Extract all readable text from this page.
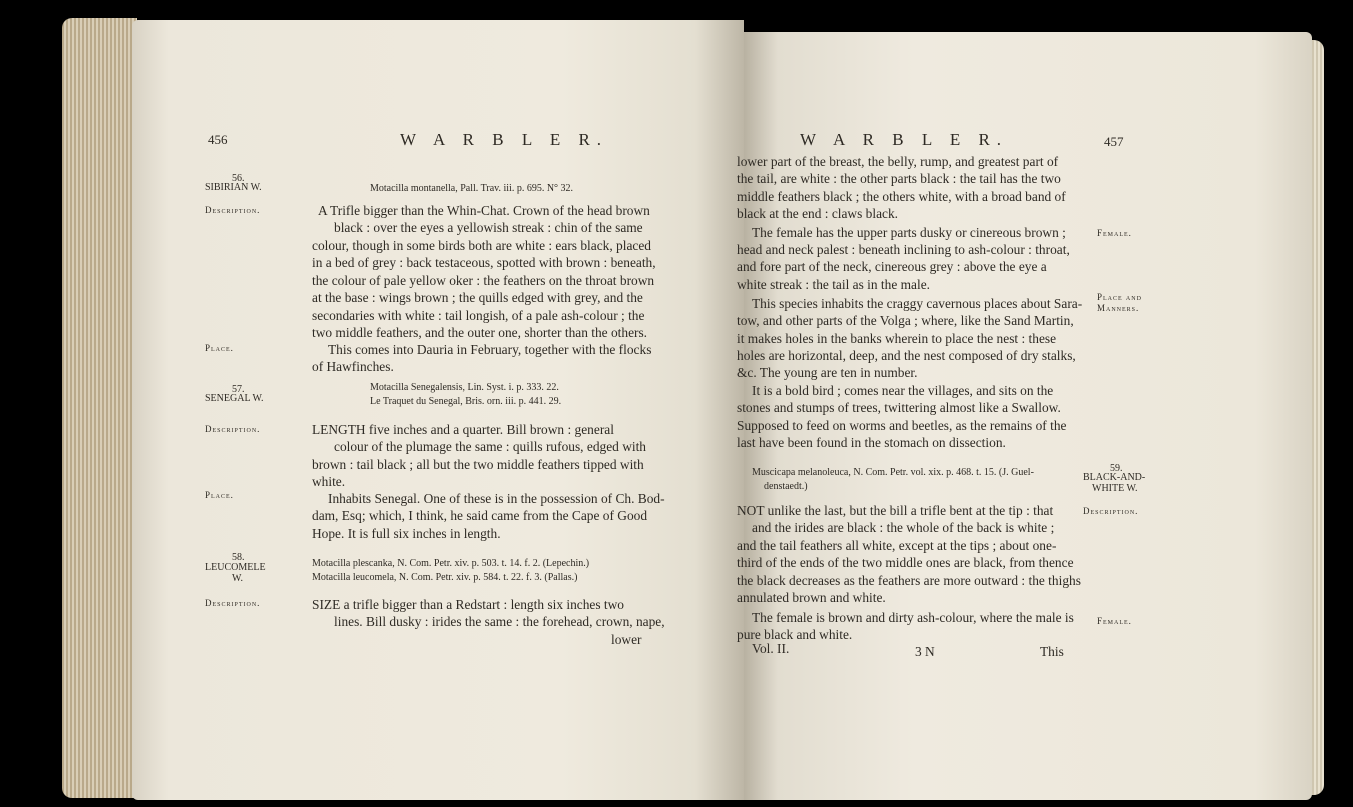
456	W A R B L E R.
56.
SIBIRIAN W.	Motacilla montanella, Pall. Trav. iii. p. 695. N° 32.
Description.	A Trifle bigger than the Whin-Chat. Crown of the head brown
black : over the eyes a yellowish streak : chin of the same
colour, though in some birds both are white : ears black, placed
in a bed of grey : back testaceous, spotted with brown : beneath,
the colour of pale yellow oker : the feathers on the throat brown
at the base : wings brown ; the quills edged with grey, and the
secondaries with white : tail longish, of a pale ash-colour ; the
two middle feathers, and the outer one, shorter than the others.
Place.	This comes into Dauria in February, together with the flocks
of Hawfinches.
57.
SENEGAL W.
Motacilla Senegalensis, Lin. Syst. i. p. 333. 22.
Le Traquet du Senegal, Bris. orn. iii. p. 441. 29.
Description.	LENGTH five inches and a quarter. Bill brown : general
colour of the plumage the same : quills rufous, edged with
brown : tail black ; all but the two middle feathers tipped with
white.
Place.	Inhabits Senegal. One of these is in the possession of Ch. Bod-
dam, Esq; which, I think, he said came from the Cape of Good
Hope. It is full six inches in length.
58.
LEUCOMELE
W.
Motacilla plescanka, N. Com. Petr. xiv. p. 503. t. 14. f. 2. (Lepechin.)
Motacilla leucomela, N. Com. Petr. xiv. p. 584. t. 22. f. 3. (Pallas.)
Description.	SIZE a trifle bigger than a Redstart : length six inches two
lines. Bill dusky : irides the same : the forehead, crown, nape,
lower
W A R B L E R.	457
lower part of the breast, the belly, rump, and greatest part of
the tail, are white : the other parts black : the tail has the two
middle feathers black ; the others white, with a broad band of
black at the end : claws black.
Female.
The female has the upper parts dusky or cinereous brown ;
head and neck palest : beneath inclining to ash-colour : throat,
and fore part of the neck, cinereous grey : above the eye a
white streak : the tail as in the male.
Place and
Manners.
This species inhabits the craggy cavernous places about Sara-
tow, and other parts of the Volga ; where, like the Sand Martin,
it makes holes in the banks wherein to place the nest : these
holes are horizontal, deep, and the nest composed of dry stalks,
&c. The young are ten in number.
It is a bold bird ; comes near the villages, and sits on the
stones and stumps of trees, twittering almost like a Swallow.
Supposed to feed on worms and beetles, as the remains of the
last have been found in the stomach on dissection.
59.
BLACK-AND-
WHITE W.
Muscicapa melanoleuca, N. Com. Petr. vol. xix. p. 468. t. 15. (J. Guel-
denstaedt.)
Description.
NOT unlike the last, but the bill a trifle bent at the tip : that
and the irides are black : the whole of the back is white ;
and the tail feathers all white, except at the tips ; about one-
third of the ends of the two middle ones are black, from thence
the black decreases as the feathers are more outward : the thighs
annulated brown and white.
Female.
The female is brown and dirty ash-colour, where the male is
pure black and white.
Vol. II.	3 N	This
